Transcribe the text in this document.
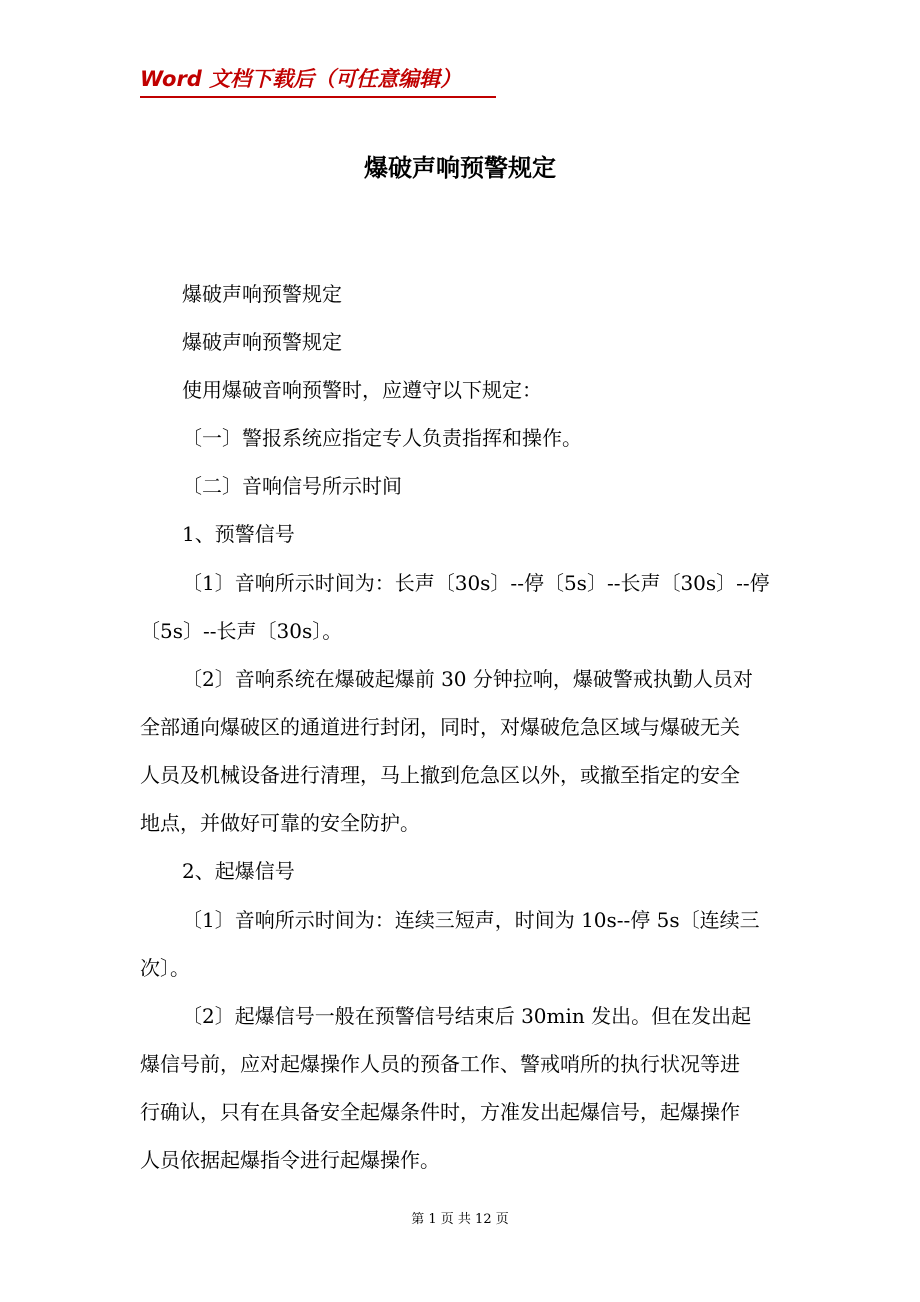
Word 文档下载后（可任意编辑）
爆破声响预警规定
爆破声响预警规定
爆破声响预警规定
使用爆破音响预警时，应遵守以下规定：
〔一〕警报系统应指定专人负责指挥和操作。
〔二〕音响信号所示时间
1、预警信号
〔1〕音响所示时间为：长声〔30s〕--停〔5s〕--长声〔30s〕--停
〔5s〕--长声〔30s〕。
〔2〕音响系统在爆破起爆前 30 分钟拉响，爆破警戒执勤人员对
全部通向爆破区的通道进行封闭，同时，对爆破危急区域与爆破无关
人员及机械设备进行清理，马上撤到危急区以外，或撤至指定的安全
地点，并做好可靠的安全防护。
2、起爆信号
〔1〕音响所示时间为：连续三短声，时间为 10s--停 5s〔连续三
次〕。
〔2〕起爆信号一般在预警信号结束后 30min 发出。但在发出起
爆信号前，应对起爆操作人员的预备工作、警戒哨所的执行状况等进
行确认，只有在具备安全起爆条件时，方准发出起爆信号，起爆操作
人员依据起爆指令进行起爆操作。
第 1 页 共 12 页
